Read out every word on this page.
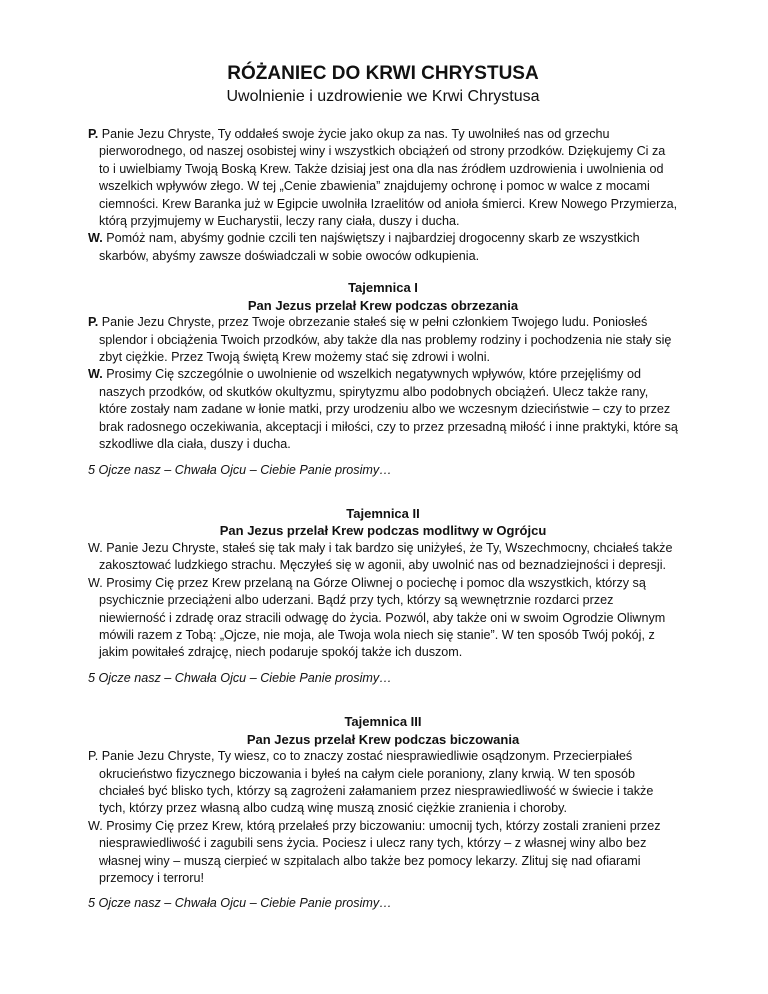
RÓŻANIEC DO KRWI CHRYSTUSA
Uwolnienie i uzdrowienie we Krwi Chrystusa

P. Panie Jezu Chryste, Ty oddałeś swoje życie jako okup za nas. Ty uwolniłeś nas od grzechu pierworodnego, od naszej osobistej winy i wszystkich obciążeń od strony przodków. Dziękujemy Ci za to i uwielbiamy Twoją Boską Krew. Także dzisiaj jest ona dla nas źródłem uzdrowienia i uwolnienia od wszelkich wpływów złego. W tej „Cenie zbawienia” znajdujemy ochronę i pomoc w walce z mocami ciemności. Krew Baranka już w Egipcie uwolniła Izraelitów od anioła śmierci. Krew Nowego Przymierza, którą przyjmujemy w Eucharystii, leczy rany ciała, duszy i ducha.

W. Pomóż nam, abyśmy godnie czcili ten najświętszy i najbardziej drogocenny skarb ze wszystkich skarbów, abyśmy zawsze doświadczali w sobie owoców odkupienia.

Tajemnica I
Pan Jezus przelał Krew podczas obrzezania

P. Panie Jezu Chryste, przez Twoje obrzezanie stałeś się w pełni członkiem Twojego ludu. Poniosłeś splendor i obciążenia Twoich przodków, aby także dla nas problemy rodziny i pochodzenia nie stały się zbyt ciężkie. Przez Twoją świętą Krew możemy stać się zdrowi i wolni.

W. Prosimy Cię szczególnie o uwolnienie od wszelkich negatywnych wpływów, które przejęliśmy od naszych przodków, od skutków okultyzmu, spirytyzmu albo podobnych obciążeń. Ulecz także rany, które zostały nam zadane w łonie matki, przy urodzeniu albo we wczesnym dzieciństwie – czy to przez brak radosnego oczekiwania, akceptacji i miłości, czy to przez przesadną miłość i inne praktyki, które są szkodliwe dla ciała, duszy i ducha.

5 Ojcze nasz – Chwała Ojcu – Ciebie Panie prosimy…

Tajemnica II
Pan Jezus przelał Krew podczas modlitwy w Ogrójcu

W. Panie Jezu Chryste, stałeś się tak mały i tak bardzo się uniżyłeś, że Ty, Wszechmocny, chciałeś także zakosztować ludzkiego strachu. Męczyłeś się w agonii, aby uwolnić nas od beznadziejności i depresji.

W. Prosimy Cię przez Krew przelaną na Górze Oliwnej o pociechę i pomoc dla wszystkich, którzy są psychicznie przeciążeni albo uderzani. Bądź przy tych, którzy są wewnętrznie rozdarci przez niewierność i zdradę oraz stracili odwagę do życia. Pozwól, aby także oni w swoim Ogrodzie Oliwnym mówili razem z Tobą: „Ojcze, nie moja, ale Twoja wola niech się stanie”. W ten sposób Twój pokój, z jakim powitałeś zdrajcę, niech podaruje spokój także ich duszom.

5 Ojcze nasz – Chwała Ojcu – Ciebie Panie prosimy…

Tajemnica III
Pan Jezus przelał Krew podczas biczowania

P. Panie Jezu Chryste, Ty wiesz, co to znaczy zostać niesprawiedliwie osądzonym. Przecierpiałeś okrucieństwo fizycznego biczowania i byłeś na całym ciele poraniony, zlany krwią. W ten sposób chciałeś być blisko tych, którzy są zagrożeni załamaniem przez niesprawiedliwość w świecie i także tych, którzy przez własną albo cudzą winę muszą znosić ciężkie zranienia i choroby.

W. Prosimy Cię przez Krew, którą przelałeś przy biczowaniu: umocnij tych, którzy zostali zranieni przez niesprawiedliwość i zagubili sens życia. Pociesz i ulecz rany tych, którzy – z własnej winy albo bez własnej winy – muszą cierpieć w szpitalach albo także bez pomocy lekarzy. Zlituj się nad ofiarami przemocy i terroru!

5 Ojcze nasz – Chwała Ojcu – Ciebie Panie prosimy…
